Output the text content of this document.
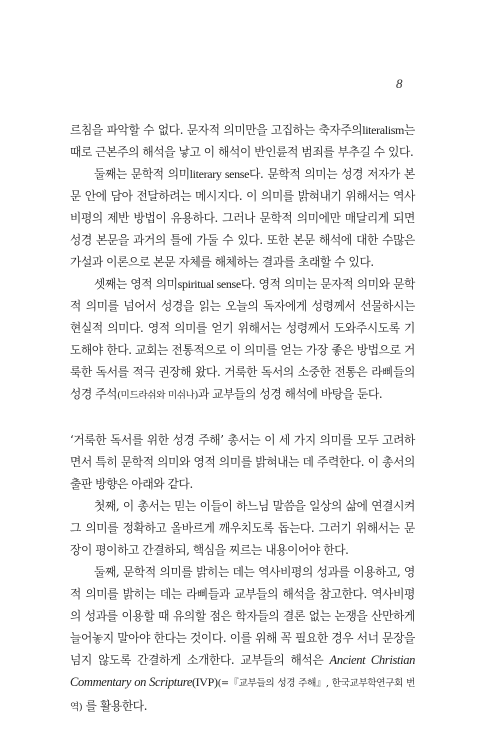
8

르침을 파악할 수 없다. 문자적 의미만을 고집하는 축자주의literalism는 때로 근본주의 해석을 낳고 이 해석이 반인륜적 범죄를 부추길 수 있다.

둘째는 문학적 의미literary sense다. 문학적 의미는 성경 저자가 본문 안에 담아 전달하려는 메시지다. 이 의미를 밝혀내기 위해서는 역사비평의 제반 방법이 유용하다. 그러나 문학적 의미에만 매달리게 되면 성경 본문을 과거의 틀에 가둘 수 있다. 또한 본문 해석에 대한 수많은 가설과 이론으로 본문 자체를 해체하는 결과를 초래할 수 있다.

셋째는 영적 의미spiritual sense다. 영적 의미는 문자적 의미와 문학적 의미를 넘어서 성경을 읽는 오늘의 독자에게 성령께서 선물하시는 현실적 의미다. 영적 의미를 얻기 위해서는 성령께서 도와주시도록 기도해야 한다. 교회는 전통적으로 이 의미를 얻는 가장 좋은 방법으로 거룩한 독서를 적극 권장해 왔다. 거룩한 독서의 소중한 전통은 라삐들의 성경 주석(미드라쉬와 미쉬나)과 교부들의 성경 해석에 바탕을 둔다.

‘거룩한 독서를 위한 성경 주해’ 총서는 이 세 가지 의미를 모두 고려하면서 특히 문학적 의미와 영적 의미를 밝혀내는 데 주력한다. 이 총서의 출판 방향은 아래와 같다.

첫째, 이 총서는 믿는 이들이 하느님 말씀을 일상의 삶에 연결시켜 그 의미를 정확하고 올바르게 깨우치도록 돕는다. 그러기 위해서는 문장이 평이하고 간결하되, 핵심을 찌르는 내용이어야 한다.

둘째, 문학적 의미를 밝히는 데는 역사비평의 성과를 이용하고, 영적 의미를 밝히는 데는 라삐들과 교부들의 해석을 참고한다. 역사비평의 성과를 이용할 때 유의할 점은 학자들의 결론 없는 논쟁을 산만하게 늘어놓지 말아야 한다는 것이다. 이를 위해 꼭 필요한 경우 서너 문장을 넘지 않도록 간결하게 소개한다. 교부들의 해석은 Ancient Christian Commentary on Scripture(IVP)(=『교부들의 성경 주해』, 한국교부학연구회 번역) 를 활용한다.
